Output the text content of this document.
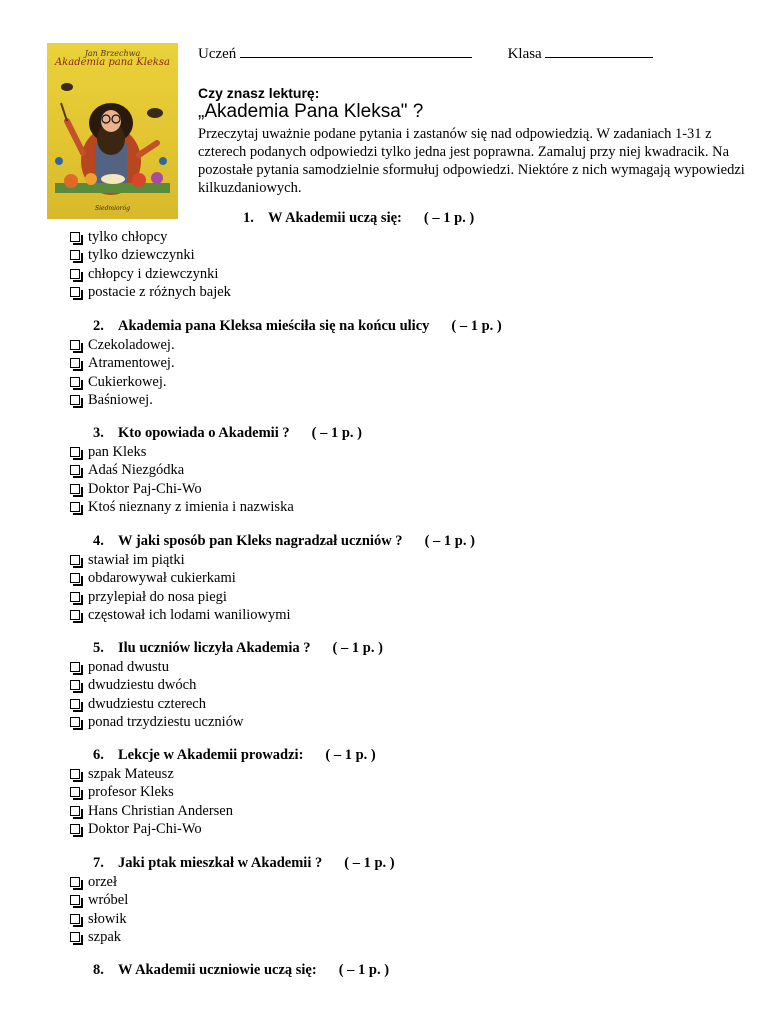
Jan Brzechwa
Akademia pana Kleksa
Siedmioróg
Uczeń	Klasa
Czy znasz lekturę:
„Akademia Pana Kleksa" ?
Przeczytaj uważnie podane pytania i zastanów się nad odpowiedzią. W zadaniach 1-31 z czterech podanych odpowiedzi tylko jedna jest poprawna. Zamaluj przy niej kwadracik. Na pozostałe pytania samodzielnie sformułuj odpowiedzi. Niektóre z nich wymagają wypowiedzi kilkuzdaniowych.
1. W Akademii uczą się: ( – 1 p. )
tylko chłopcy
tylko dziewczynki
chłopcy i dziewczynki
postacie z różnych bajek
2. Akademia pana Kleksa mieściła się na końcu ulicy ( – 1 p. )
Czekoladowej.
Atramentowej.
Cukierkowej.
Baśniowej.
3. Kto opowiada o Akademii ? ( – 1 p. )
pan Kleks
Adaś Niezgódka
Doktor Paj-Chi-Wo
Ktoś nieznany z imienia i nazwiska
4. W jaki sposób pan Kleks nagradzał uczniów ? ( – 1 p. )
stawiał im piątki
obdarowywał cukierkami
przylepiał do nosa piegi
częstował ich lodami waniliowymi
5. Ilu uczniów liczyła Akademia ? ( – 1 p. )
ponad dwustu
dwudziestu dwóch
dwudziestu czterech
ponad trzydziestu uczniów
6. Lekcje w Akademii prowadzi: ( – 1 p. )
szpak Mateusz
profesor Kleks
Hans Christian Andersen
Doktor Paj-Chi-Wo
7. Jaki ptak mieszkał w Akademii ? ( – 1 p. )
orzeł
wróbel
słowik
szpak
8. W Akademii uczniowie uczą się: ( – 1 p. )
